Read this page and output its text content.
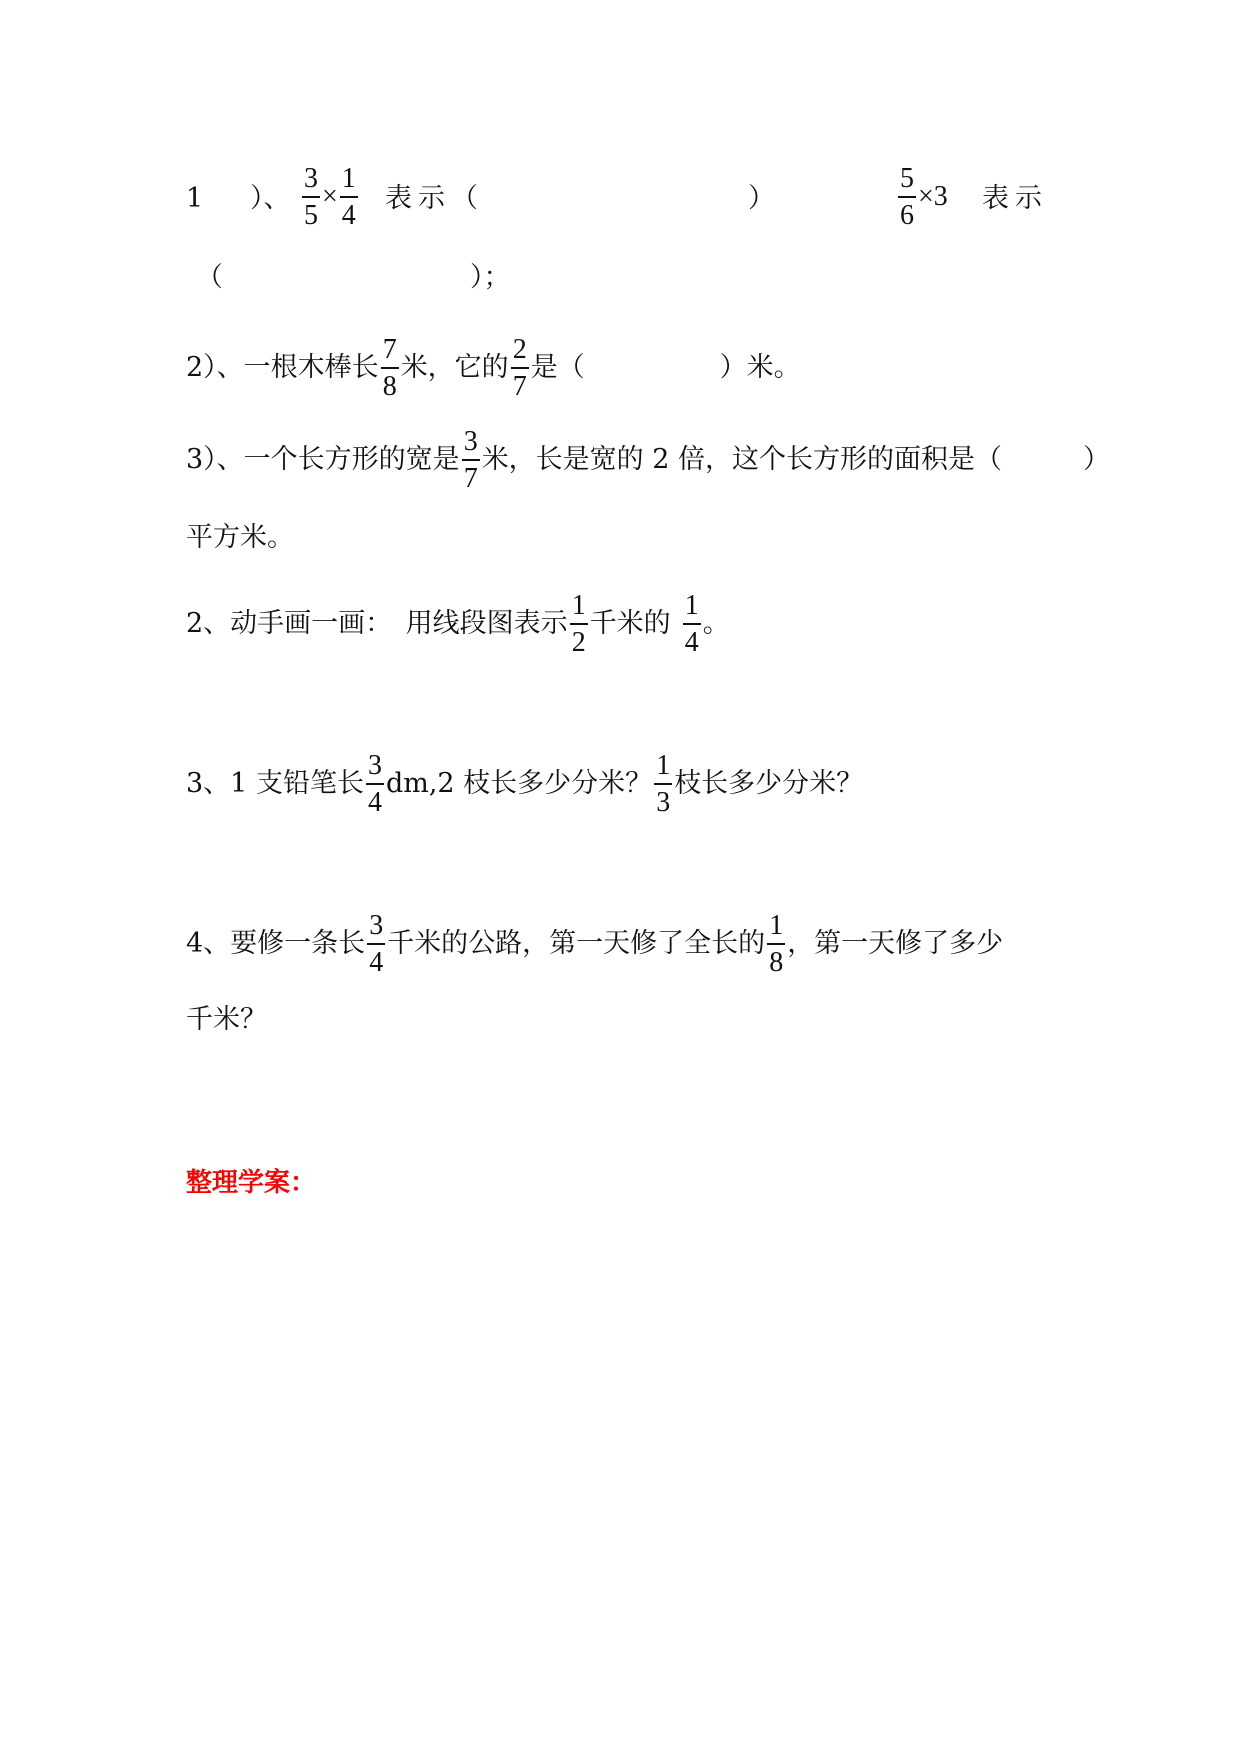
1 ）、 $\frac{3}{5} \times \frac{1}{4}$ 表示（	）	$\frac{5}{6} \times 3$ 表示
（	）；
2）、一根木棒长 $\frac{7}{8}$ 米，它的 $\frac{2}{7}$ 是（　　　　　）米。
3）、一个长方形的宽是 $\frac{3}{7}$ 米，长是宽的 2 倍，这个长方形的面积是（　　　）
平方米。
2、动手画一画：　用线段图表示 $\frac{1}{2}$ 千米的 $\frac{1}{4}$ 。
3、1 支铅笔长 $\frac{3}{4} dm,2$ 枝长多少分米？ $\frac{1}{3}$ 枝长多少分米？
4、要修一条长 $\frac{3}{4}$ 千米的公路，第一天修了全长的 $\frac{1}{8}$ ，第一天修了多少
千米？
整理学案：
